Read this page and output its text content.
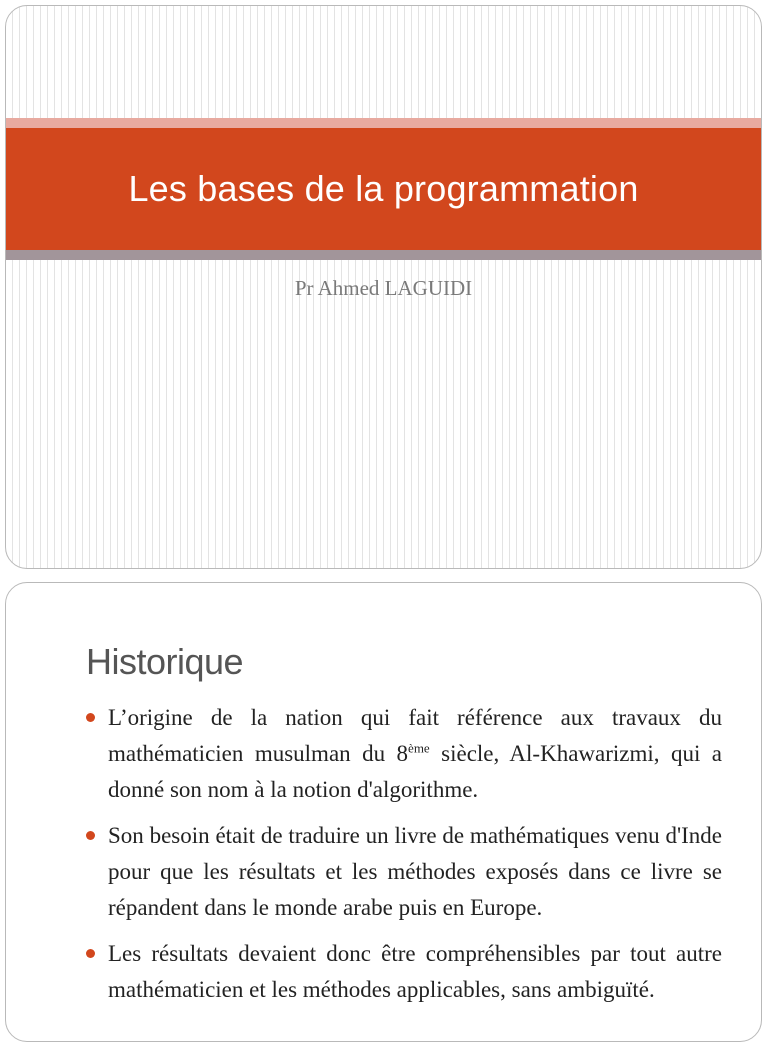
Les bases de la programmation
Pr Ahmed LAGUIDI
Historique
L’origine de la nation qui fait référence aux travaux du mathématicien musulman du 8ème siècle, Al-Khawarizmi, qui a donné son nom à la notion d'algorithme.
Son besoin était de traduire un livre de mathématiques venu d'Inde pour que les résultats et les méthodes exposés dans ce livre se répandent dans le monde arabe puis en Europe.
Les résultats devaient donc être compréhensibles par tout autre mathématicien et les méthodes applicables, sans ambiguïté.
